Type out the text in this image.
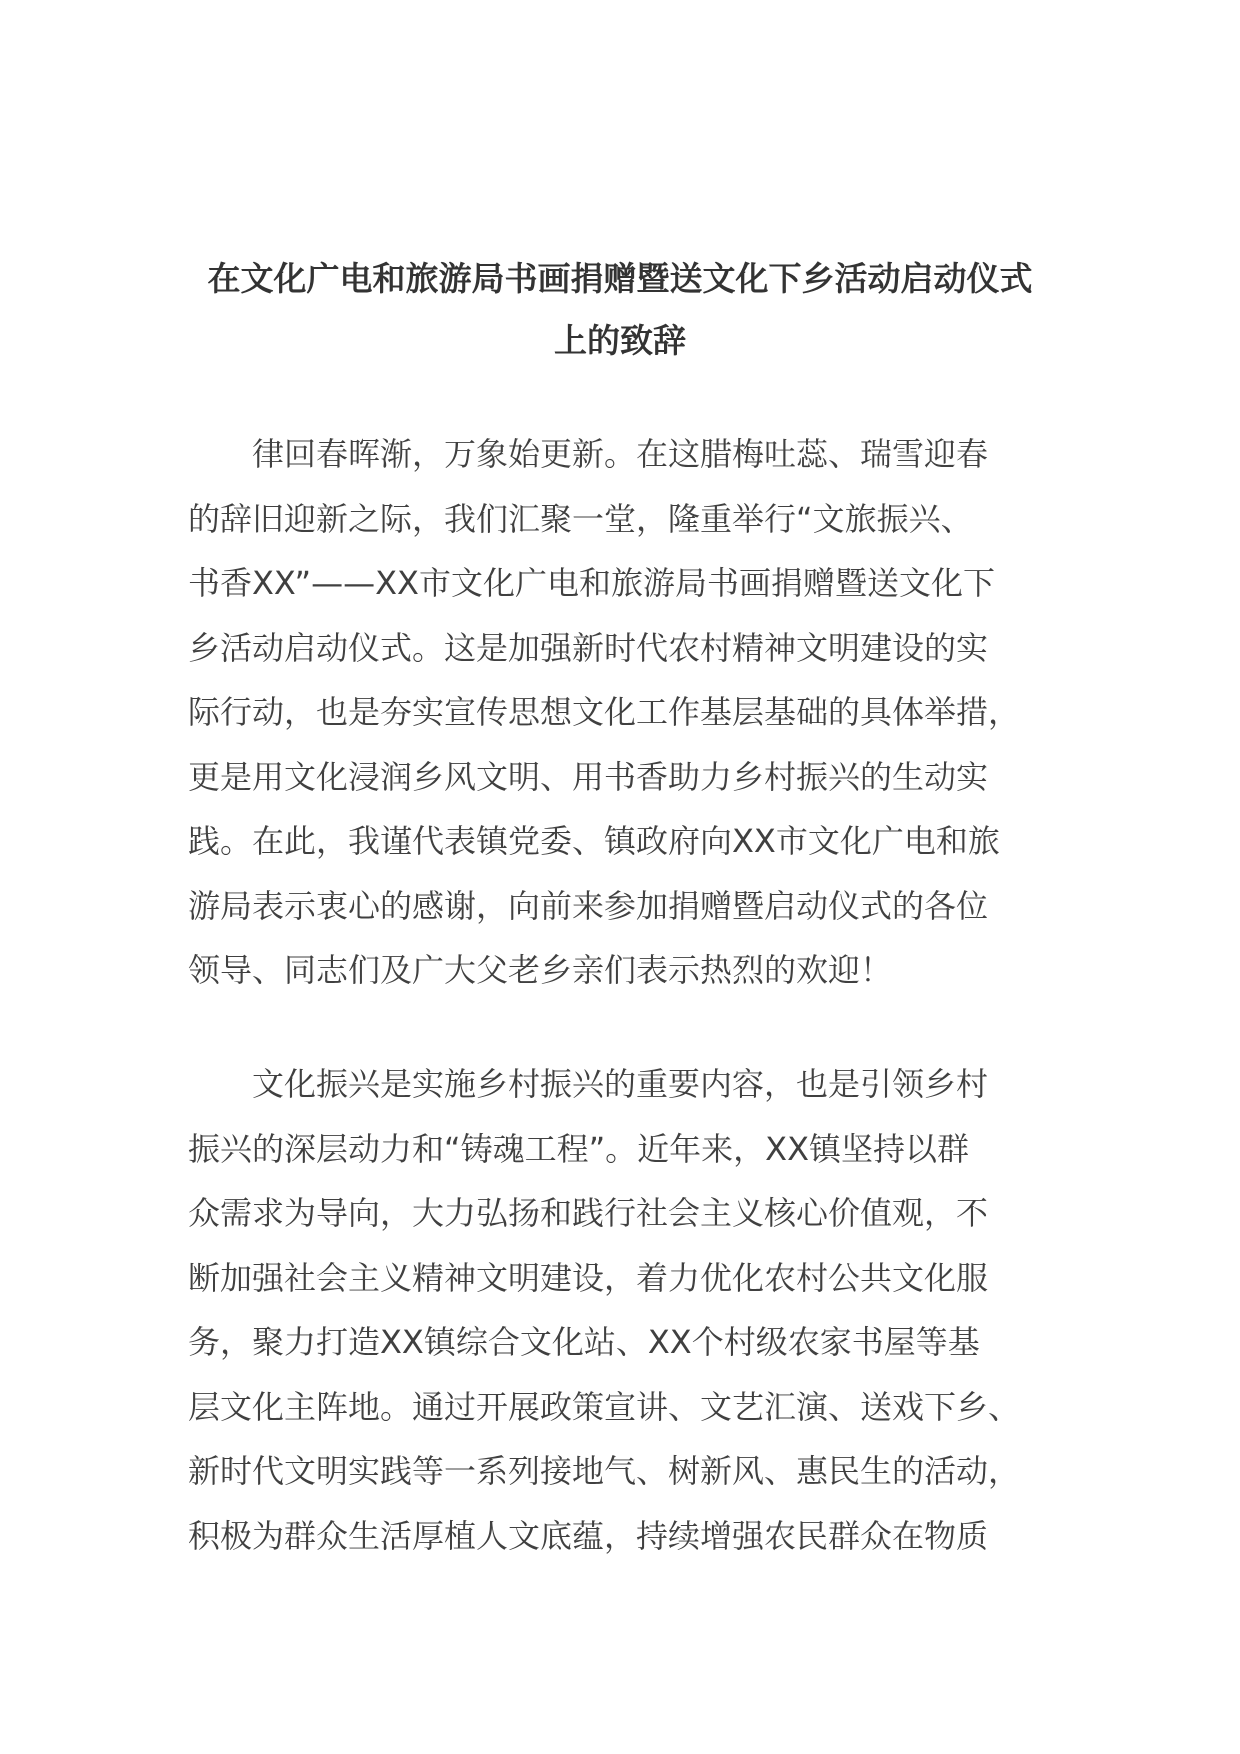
在文化广电和旅游局书画捐赠暨送文化下乡活动启动仪式
上的致辞
　　律回春晖渐，万象始更新。在这腊梅吐蕊、瑞雪迎春
的辞旧迎新之际，我们汇聚一堂，隆重举行“文旅振兴、
书香XX”——XX市文化广电和旅游局书画捐赠暨送文化下
乡活动启动仪式。这是加强新时代农村精神文明建设的实
际行动，也是夯实宣传思想文化工作基层基础的具体举措，
更是用文化浸润乡风文明、用书香助力乡村振兴的生动实
践。在此，我谨代表镇党委、镇政府向XX市文化广电和旅
游局表示衷心的感谢，向前来参加捐赠暨启动仪式的各位
领导、同志们及广大父老乡亲们表示热烈的欢迎！
　　文化振兴是实施乡村振兴的重要内容，也是引领乡村
振兴的深层动力和“铸魂工程”。近年来，XX镇坚持以群
众需求为导向，大力弘扬和践行社会主义核心价值观，不
断加强社会主义精神文明建设，着力优化农村公共文化服
务，聚力打造XX镇综合文化站、XX个村级农家书屋等基
层文化主阵地。通过开展政策宣讲、文艺汇演、送戏下乡、
新时代文明实践等一系列接地气、树新风、惠民生的活动，
积极为群众生活厚植人文底蕴，持续增强农民群众在物质
